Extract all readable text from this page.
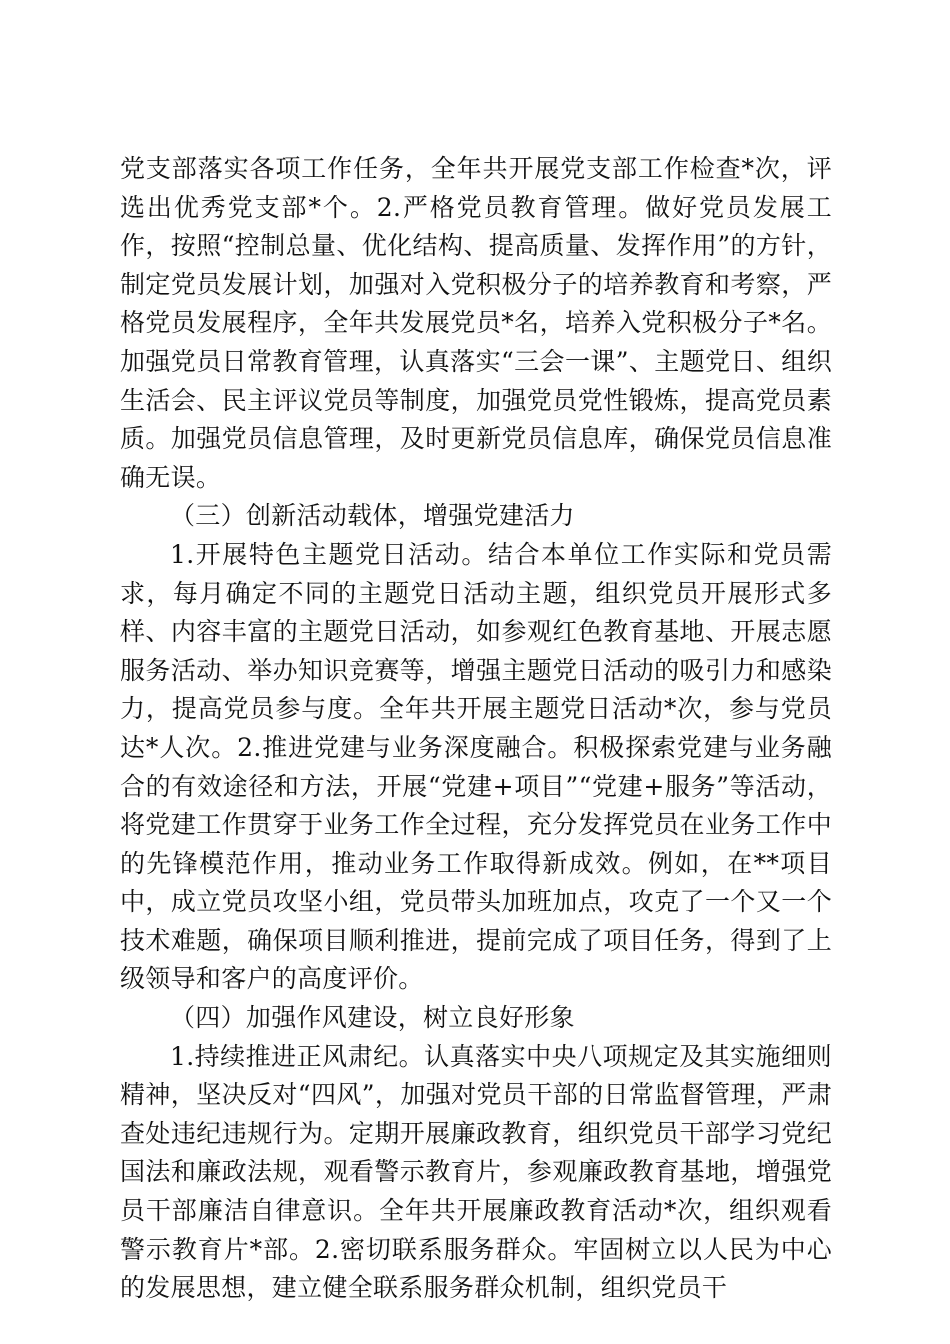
党支部落实各项工作任务，全年共开展党支部工作检查*次，评选出优秀党支部*个。2.严格党员教育管理。做好党员发展工作，按照“控制总量、优化结构、提高质量、发挥作用”的方针，制定党员发展计划，加强对入党积极分子的培养教育和考察，严格党员发展程序，全年共发展党员*名，培养入党积极分子*名。加强党员日常教育管理，认真落实“三会一课”、主题党日、组织生活会、民主评议党员等制度，加强党员党性锻炼，提高党员素质。加强党员信息管理，及时更新党员信息库，确保党员信息准确无误。

（三）创新活动载体，增强党建活力

1.开展特色主题党日活动。结合本单位工作实际和党员需求，每月确定不同的主题党日活动主题，组织党员开展形式多样、内容丰富的主题党日活动，如参观红色教育基地、开展志愿服务活动、举办知识竞赛等，增强主题党日活动的吸引力和感染力，提高党员参与度。全年共开展主题党日活动*次，参与党员达*人次。2.推进党建与业务深度融合。积极探索党建与业务融合的有效途径和方法，开展“党建+项目”“党建+服务”等活动，将党建工作贯穿于业务工作全过程，充分发挥党员在业务工作中的先锋模范作用，推动业务工作取得新成效。例如，在**项目中，成立党员攻坚小组，党员带头加班加点，攻克了一个又一个技术难题，确保项目顺利推进，提前完成了项目任务，得到了上级领导和客户的高度评价。

（四）加强作风建设，树立良好形象

1.持续推进正风肃纪。认真落实中央八项规定及其实施细则精神，坚决反对“四风”，加强对党员干部的日常监督管理，严肃查处违纪违规行为。定期开展廉政教育，组织党员干部学习党纪国法和廉政法规，观看警示教育片，参观廉政教育基地，增强党员干部廉洁自律意识。全年共开展廉政教育活动*次，组织观看警示教育片*部。2.密切联系服务群众。牢固树立以人民为中心的发展思想，建立健全联系服务群众机制，组织党员干
